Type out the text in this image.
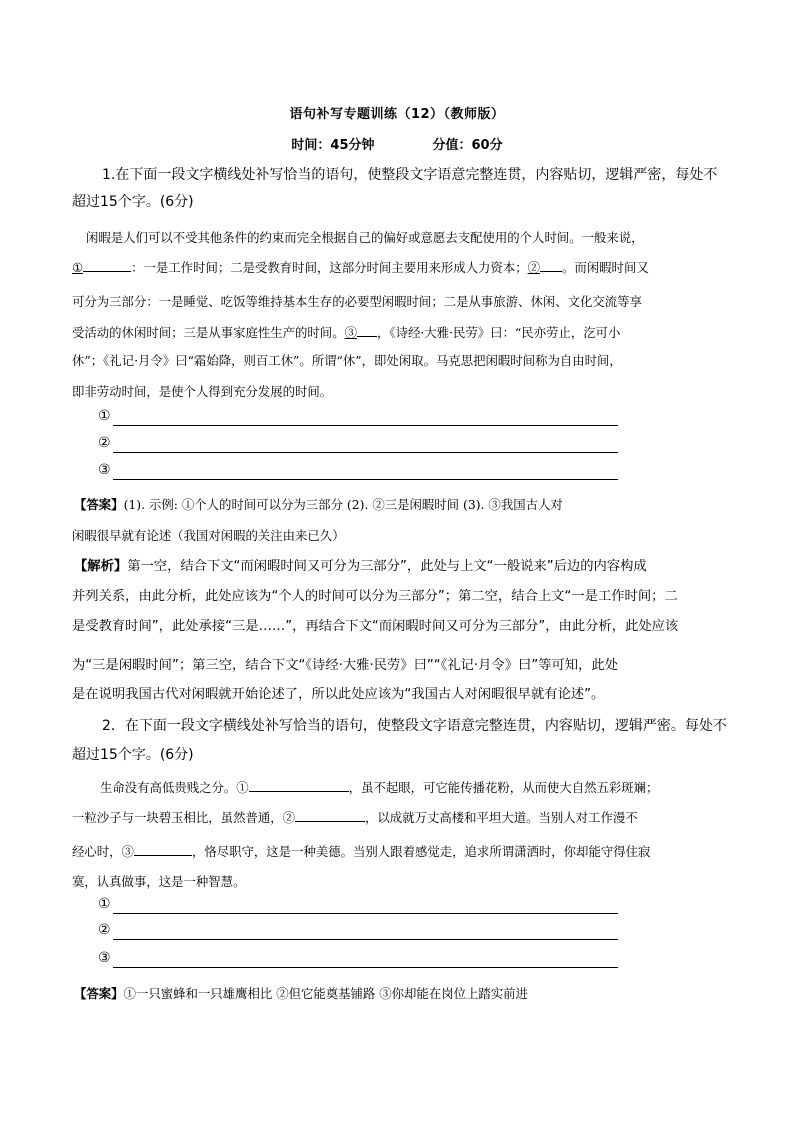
语句补写专题训练（12）（教师版）
时间：45分钟	分值：60分
1.在下面一段文字横线处补写恰当的语句，使整段文字语意完整连贯，内容贴切，逻辑严密，每处不
超过15个字。(6分)
闲暇是人们可以不受其他条件的约束而完全根据自己的偏好或意愿去支配使用的个人时间。一般来说，
①	：一是工作时间；二是受教育时间，这部分时间主要用来形成人力资本；② 。而闲暇时间又
可分为三部分：一是睡觉、吃饭等维持基本生存的必要型闲暇时间；二是从事旅游、休闲、文化交流等享
受活动的休闲时间；三是从事家庭性生产的时间。③ ，《诗经·大雅·民劳》曰：“民亦劳止，汔可小
休”；《礼记·月令》曰“霜始降，则百工休”。所谓“休”，即处闲取。马克思把闲暇时间称为自由时间，
即非劳动时间，是使个人得到充分发展的时间。
①
②
③
【答案】(1). 示例: ①个人的时间可以分为三部分 (2). ②三是闲暇时间 (3). ③我国古人对
闲暇很早就有论述（我国对闲暇的关注由来已久）
【解析】第一空，结合下文“而闲暇时间又可分为三部分”，此处与上文“一般说来”后边的内容构成
并列关系，由此分析，此处应该为“个人的时间可以分为三部分”；第二空，结合上文“一是工作时间；二
是受教育时间”，此处承接“三是……”，再结合下文“而闲暇时间又可分为三部分”，由此分析，此处应该
为“三是闲暇时间”；第三空，结合下文“《诗经·大雅·民劳》曰”“《礼记·月令》曰”等可知，此处
是在说明我国古代对闲暇就开始论述了，所以此处应该为“我国古人对闲暇很早就有论述”。
2．在下面一段文字横线处补写恰当的语句，使整段文字语意完整连贯，内容贴切，逻辑严密。每处不
超过15个字。(6分)
生命没有高低贵贱之分。①	，虽不起眼，可它能传播花粉，从而使大自然五彩斑斓；
一粒沙子与一块碧玉相比，虽然普通，②	，以成就万丈高楼和平坦大道。当别人对工作漫不
经心时，③	，恪尽职守，这是一种美德。当别人跟着感觉走，追求所谓潇洒时，你却能守得住寂
寞，认真做事，这是一种智慧。
①
②
③
【答案】①一只蜜蜂和一只雄鹰相比 ②但它能奠基铺路 ③你却能在岗位上踏实前进
